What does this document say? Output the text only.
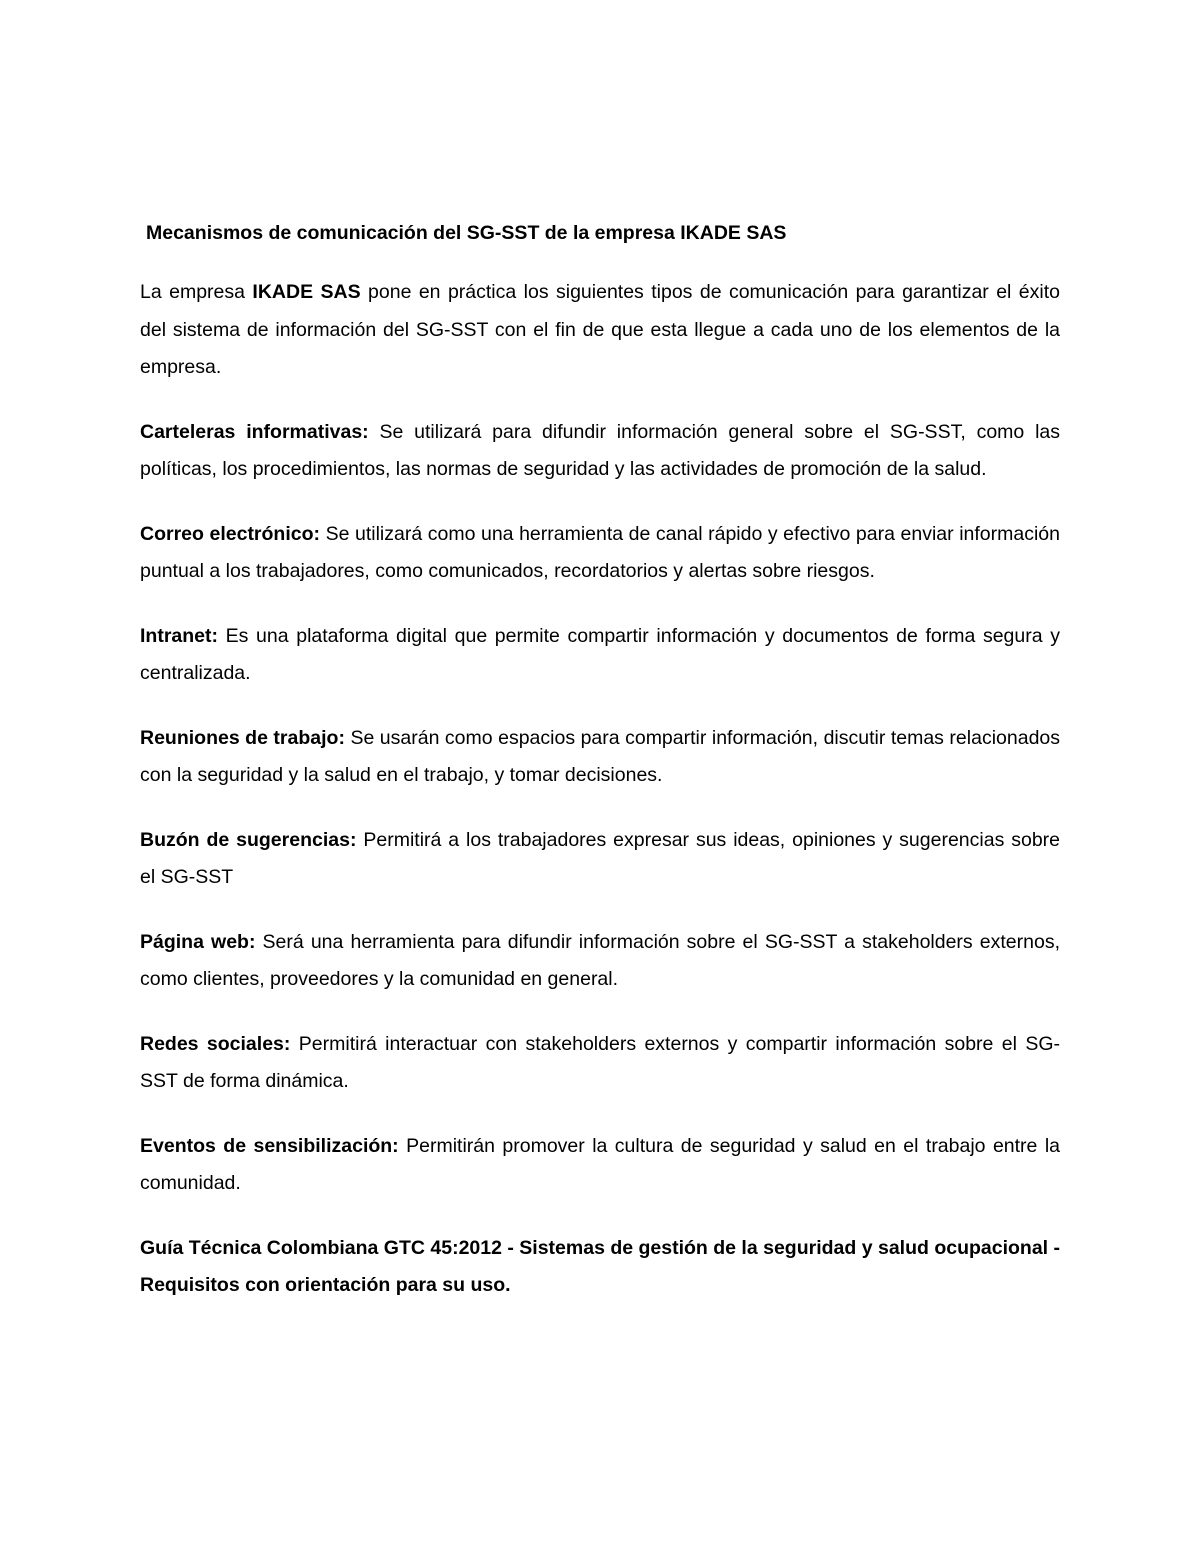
Mecanismos de comunicación del SG-SST de la empresa IKADE SAS

La empresa IKADE SAS pone en práctica los siguientes tipos de comunicación para garantizar el éxito del sistema de información del SG-SST con el fin de que esta llegue a cada uno de los elementos de la empresa.

Carteleras informativas: Se utilizará para difundir información general sobre el SG-SST, como las políticas, los procedimientos, las normas de seguridad y las actividades de promoción de la salud.

Correo electrónico: Se utilizará como una herramienta de canal rápido y efectivo para enviar información puntual a los trabajadores, como comunicados, recordatorios y alertas sobre riesgos.

Intranet: Es una plataforma digital que permite compartir información y documentos de forma segura y centralizada.

Reuniones de trabajo: Se usarán como espacios para compartir información, discutir temas relacionados con la seguridad y la salud en el trabajo, y tomar decisiones.

Buzón de sugerencias: Permitirá a los trabajadores expresar sus ideas, opiniones y sugerencias sobre el SG-SST

Página web: Será una herramienta para difundir información sobre el SG-SST a stakeholders externos, como clientes, proveedores y la comunidad en general.

Redes sociales: Permitirá interactuar con stakeholders externos y compartir información sobre el SG-SST de forma dinámica.

Eventos de sensibilización: Permitirán promover la cultura de seguridad y salud en el trabajo entre la comunidad.

Guía Técnica Colombiana GTC 45:2012 - Sistemas de gestión de la seguridad y salud ocupacional - Requisitos con orientación para su uso.
